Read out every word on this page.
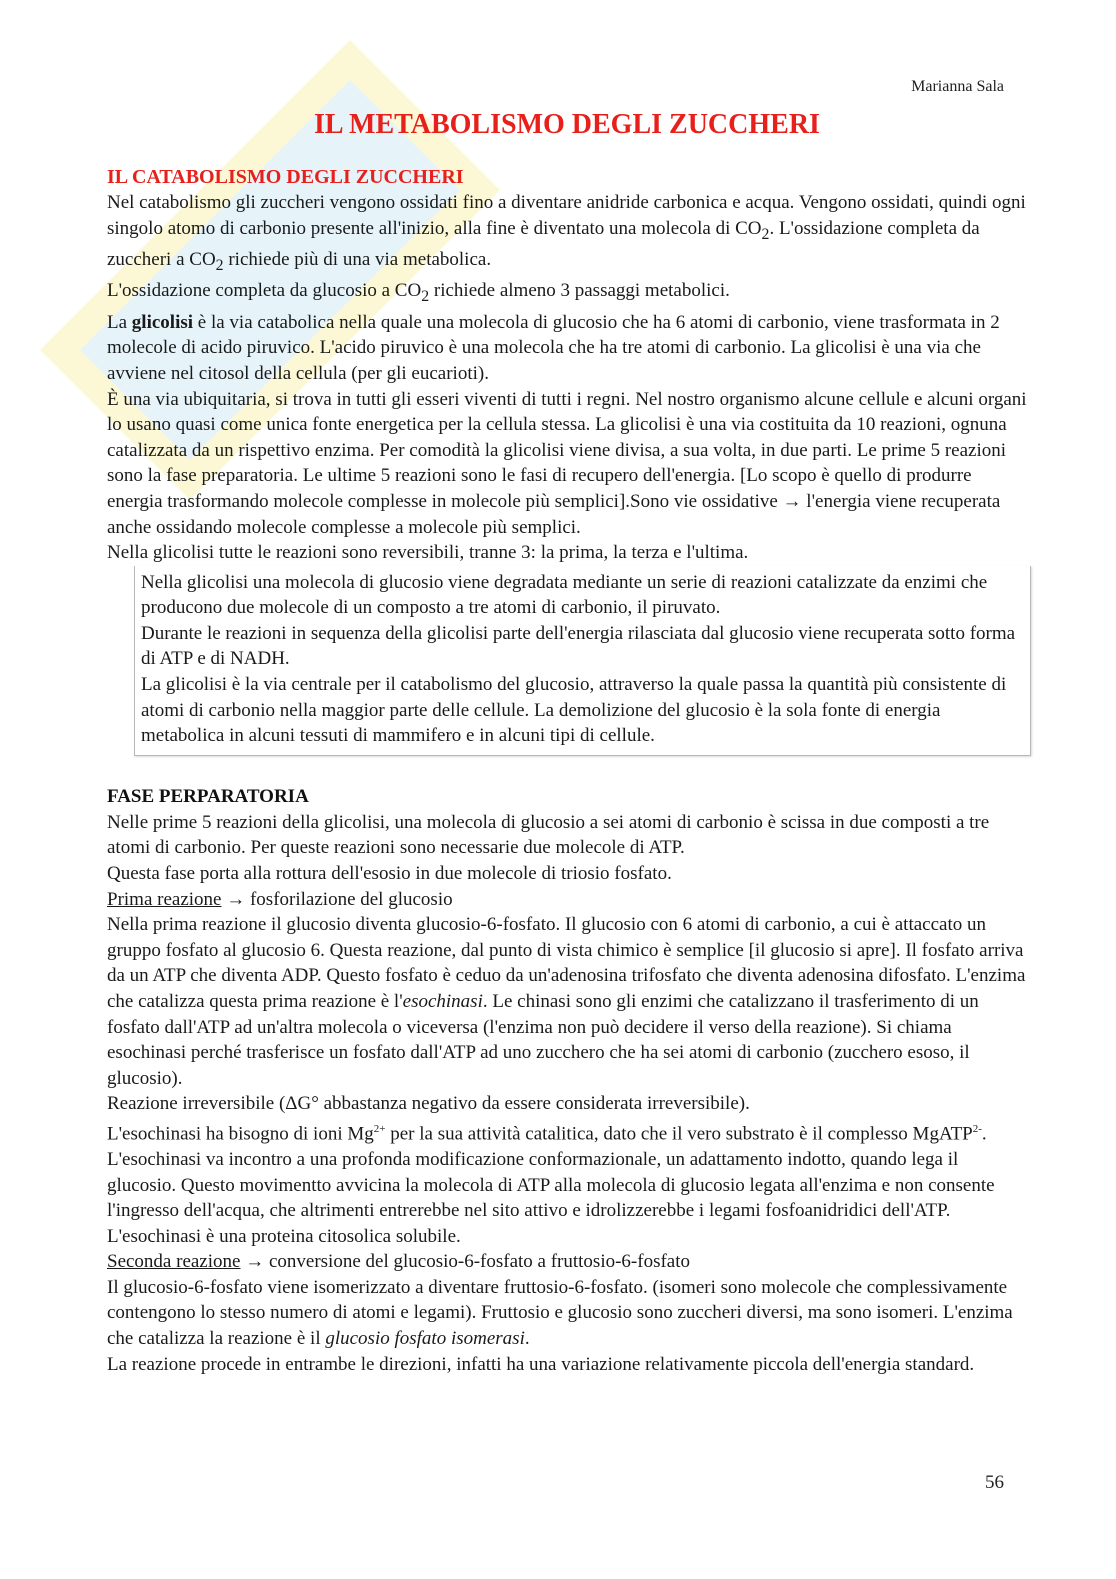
Marianna Sala
IL METABOLISMO DEGLI ZUCCHERI
IL CATABOLISMO DEGLI ZUCCHERI

Nel catabolismo gli zuccheri vengono ossidati fino a diventare anidride carbonica e acqua. Vengono ossidati, quindi ogni singolo atomo di carbonio presente all'inizio, alla fine è diventato una molecola di $CO_2$. L'ossidazione completa da zuccheri a $CO_2$ richiede più di una via metabolica.

L'ossidazione completa da glucosio a $CO_2$ richiede almeno 3 passaggi metabolici.

La glicolisi è la via catabolica nella quale una molecola di glucosio che ha 6 atomi di carbonio, viene trasformata in 2 molecole di acido piruvico. L'acido piruvico è una molecola che ha tre atomi di carbonio. La glicolisi è una via che avviene nel citosol della cellula (per gli eucarioti).

È una via ubiquitaria, si trova in tutti gli esseri viventi di tutti i regni. Nel nostro organismo alcune cellule e alcuni organi lo usano quasi come unica fonte energetica per la cellula stessa. La glicolisi è una via costituita da 10 reazioni, ognuna catalizzata da un rispettivo enzima. Per comodità la glicolisi viene divisa, a sua volta, in due parti. Le prime 5 reazioni sono la fase preparatoria. Le ultime 5 reazioni sono le fasi di recupero dell'energia. [Lo scopo è quello di produrre energia trasformando molecole complesse in molecole più semplici].Sono vie ossidative → l'energia viene recuperata anche ossidando molecole complesse a molecole più semplici.

Nella glicolisi tutte le reazioni sono reversibili, tranne 3: la prima, la terza e l'ultima.

Nella glicolisi una molecola di glucosio viene degradata mediante un serie di reazioni catalizzate da enzimi che producono due molecole di un composto a tre atomi di carbonio, il piruvato.

Durante le reazioni in sequenza della glicolisi parte dell'energia rilasciata dal glucosio viene recuperata sotto forma di ATP e di NADH.

La glicolisi è la via centrale per il catabolismo del glucosio, attraverso la quale passa la quantità più consistente di atomi di carbonio nella maggior parte delle cellule. La demolizione del glucosio è la sola fonte di energia metabolica in alcuni tessuti di mammifero e in alcuni tipi di cellule.

FASE PERPARATORIA

Nelle prime 5 reazioni della glicolisi, una molecola di glucosio a sei atomi di carbonio è scissa in due composti a tre atomi di carbonio. Per queste reazioni sono necessarie due molecole di ATP.

Questa fase porta alla rottura dell'esosio in due molecole di triosio fosfato.

Prima reazione → fosforilazione del glucosio

Nella prima reazione il glucosio diventa glucosio-6-fosfato. Il glucosio con 6 atomi di carbonio, a cui è attaccato un gruppo fosfato al glucosio 6. Questa reazione, dal punto di vista chimico è semplice [il glucosio si apre]. Il fosfato arriva da un ATP che diventa ADP. Questo fosfato è ceduo da un'adenosina trifosfato che diventa adenosina difosfato. L'enzima che catalizza questa prima reazione è l'esochinasi. Le chinasi sono gli enzimi che catalizzano il trasferimento di un fosfato dall'ATP ad un'altra molecola o viceversa (l'enzima non può decidere il verso della reazione). Si chiama esochinasi perché trasferisce un fosfato dall'ATP ad uno zucchero che ha sei atomi di carbonio (zucchero esoso, il glucosio).

Reazione irreversibile (ΔG° abbastanza negativo da essere considerata irreversibile).

L'esochinasi ha bisogno di ioni $Mg^{2+}$ per la sua attività catalitica, dato che il vero substrato è il complesso MgATP$^{2-}$. L'esochinasi va incontro a una profonda modificazione conformazionale, un adattamento indotto, quando lega il glucosio. Questo movimentto avvicina la molecola di ATP alla molecola di glucosio legata all'enzima e non consente l'ingresso dell'acqua, che altrimenti entrerebbe nel sito attivo e idrolizzerebbe i legami fosfoanidridici dell'ATP. L'esochinasi è una proteina citosolica solubile.

Seconda reazione → conversione del glucosio-6-fosfato a fruttosio-6-fosfato

Il glucosio-6-fosfato viene isomerizzato a diventare fruttosio-6-fosfato. (isomeri sono molecole che complessivamente contengono lo stesso numero di atomi e legami). Fruttosio e glucosio sono zuccheri diversi, ma sono isomeri. L'enzima che catalizza la reazione è il glucosio fosfato isomerasi.

La reazione procede in entrambe le direzioni, infatti ha una variazione relativamente piccola dell'energia standard.

56
